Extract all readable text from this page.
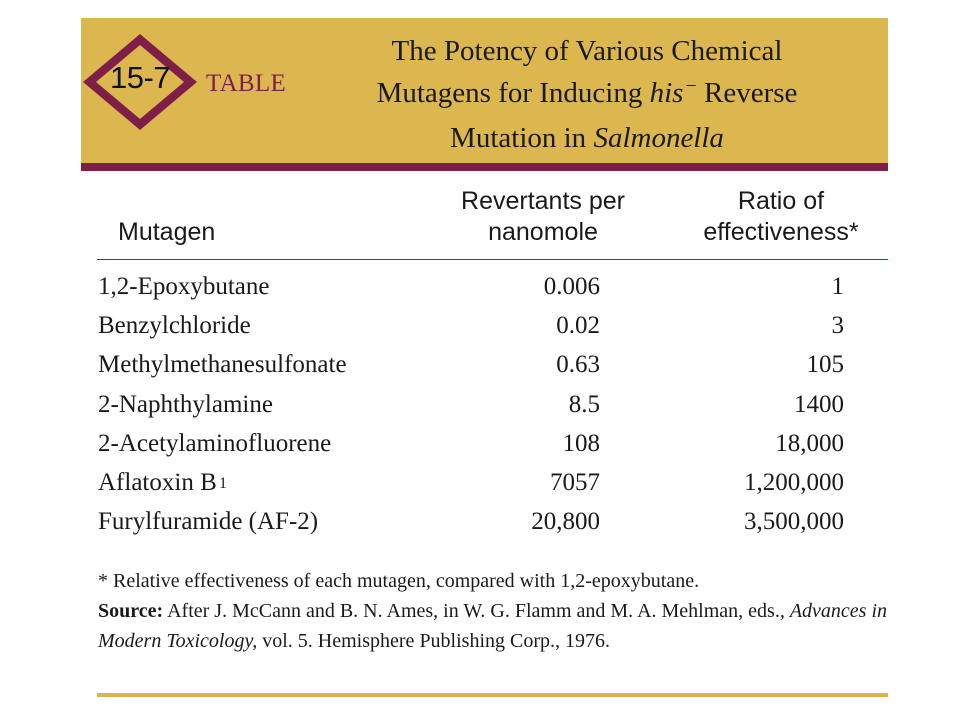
15-7	TABLE
The Potency of Various Chemical
Mutagens for Inducing his − Reverse
Mutation in Salmonella
Mutagen
Revertants per
nanomole
Ratio of
effectiveness*
1,2-Epoxybutane	0.006	1
Benzylchloride	0.02	3
Methylmethanesulfonate	0.63	105
2-Naphthylamine	8.5	1400
2-Acetylaminofluorene	108	18,000
Aflatoxin B 1	7057	1,200,000
Furylfuramide (AF-2)	20,800	3,500,000
* Relative effectiveness of each mutagen, compared with 1,2-epoxybutane.
Source: After J. McCann and B. N. Ames, in W. G. Flamm and M. A. Mehlman, eds., Advances in Modern Toxicology, vol. 5. Hemisphere Publishing Corp., 1976.
